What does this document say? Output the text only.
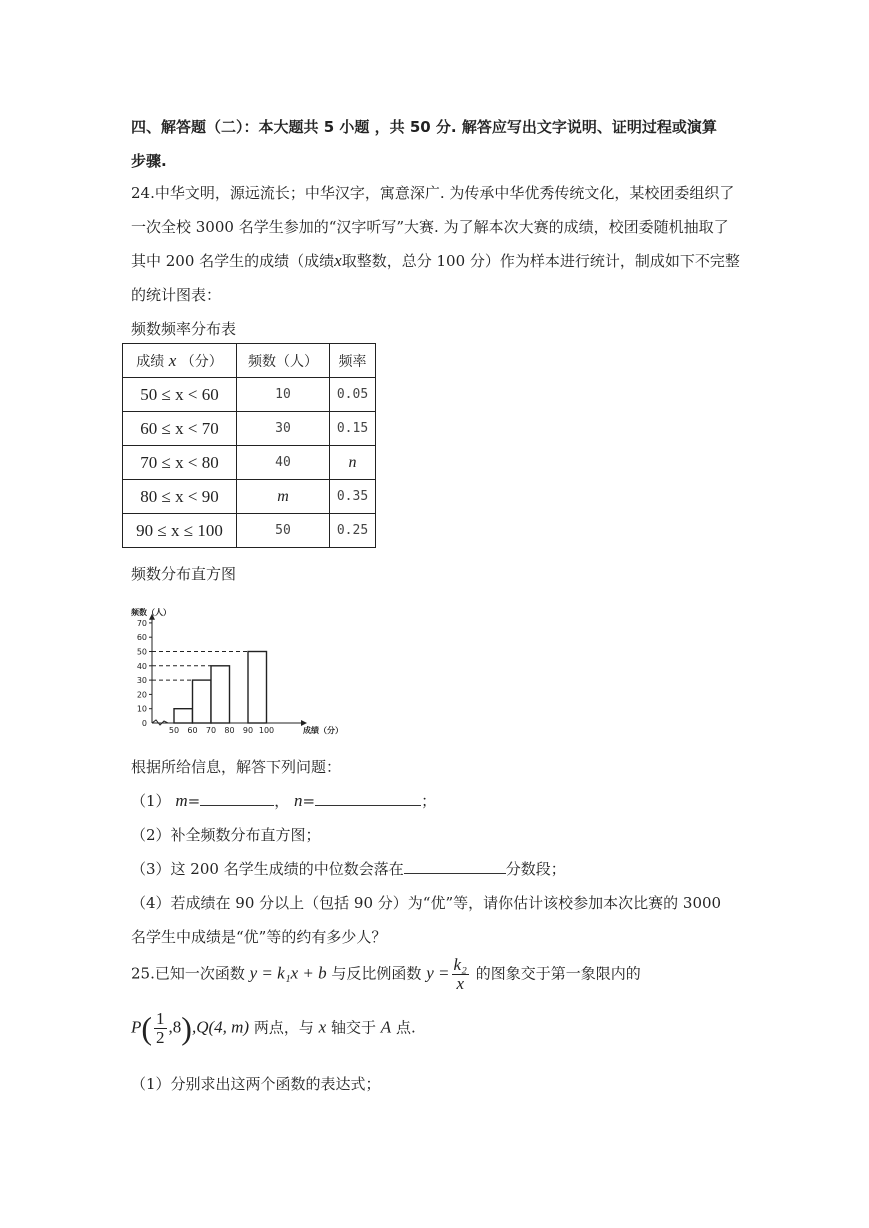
四、解答题（二）：本大题共 5 小题 ，共 50 分. 解答应写出文字说明、证明过程或演算
步骤.
24.中华文明，源远流长；中华汉字，寓意深广. 为传承中华优秀传统文化，某校团委组织了
一次全校 3000 名学生参加的“汉字听写”大赛. 为了解本次大赛的成绩，校团委随机抽取了
其中 200 名学生的成绩（成绩x取整数，总分 100 分）作为样本进行统计，制成如下不完整
的统计图表：
频数频率分布表
成绩 x （分）	频数（人）	频率
50 ≤ x < 60	10	0.05
60 ≤ x < 70	30	0.15
70 ≤ x < 80	40	n
80 ≤ x < 90	m	0.35
90 ≤ x ≤ 100	50	0.25
频数分布直方图
0
10
20
30
40
50
60
70
频数（人）
50 60 70 80 90 100	成绩（分）
根据所给信息，解答下列问题：
（1） m=	， n=	；
（2）补全频数分布直方图；
（3）这 200 名学生成绩的中位数会落在	分数段；
（4）若成绩在 90 分以上（包括 90 分）为“优”等，请你估计该校参加本次比赛的 3000
名学生中成绩是“优”等的约有多少人？
25.已知一次函数 y = k₁x + b 与反比例函数 $y = \frac{\text{k₂}}{x}$ 的图象交于第一象限内的
$P( \frac{1}{2} ,8),Q(4$, m) 两点，与 x 轴交于 A 点.
（1）分别求出这两个函数的表达式；
